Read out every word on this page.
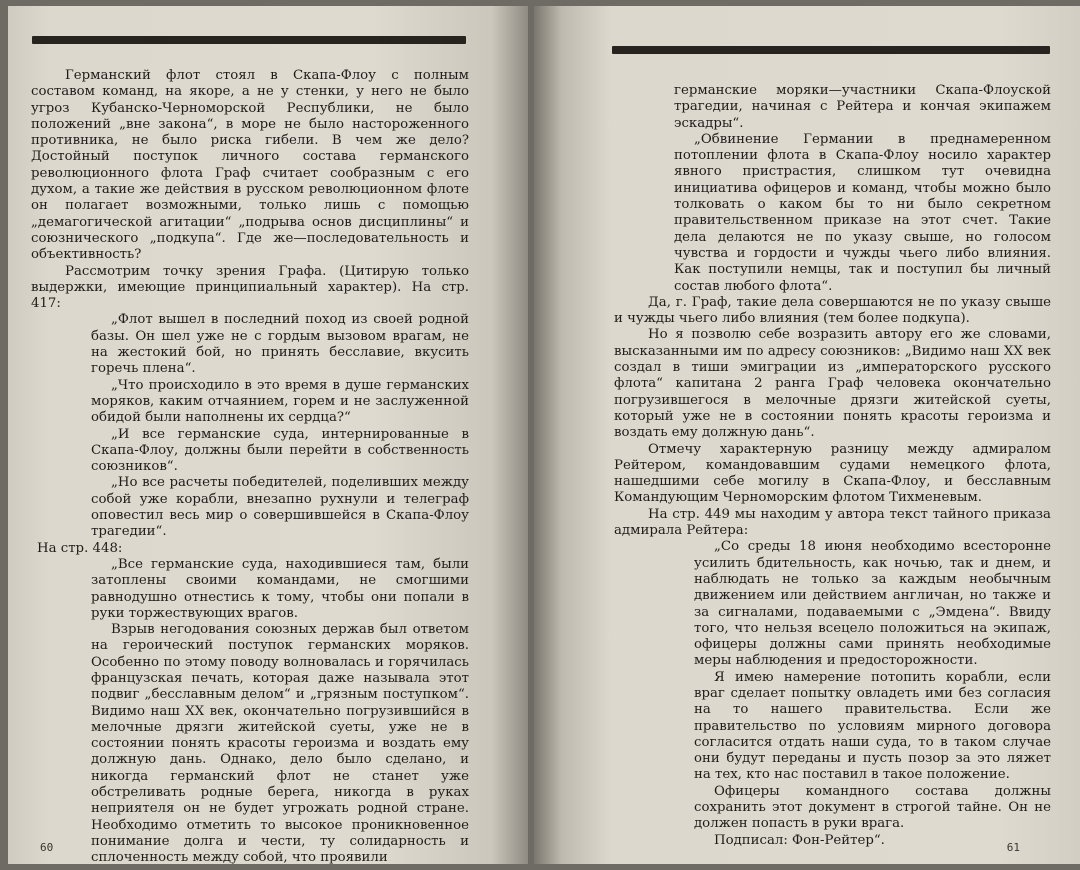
Германский флот стоял в Скапа-Флоу с полным составом команд, на якоре, а не у стенки, у него не было угроз Кубанско-Черноморской Республики, не было положений „вне закона“, в море не было настороженного противника, не было риска гибели. В чем же дело? Достойный поступок личного состава германского революционного флота Граф считает сообразным с его духом, а такие же действия в русском революционном флоте он полагает возможными, только лишь с помощью „демагогической агитации“ „подрыва основ дисциплины“ и союзнического „подкупа“. Где же—последовательность и объективность?

Рассмотрим точку зрения Графа. (Цитирую только выдержки, имеющие принципиальный характер). На стр. 417:

„Флот вышел в последний поход из своей родной базы. Он шел уже не с гордым вызовом врагам, не на жестокий бой, но принять бесславие, вкусить горечь плена“.

„Что происходило в это время в душе германских моряков, каким отчаянием, горем и не заслуженной обидой были наполнены их сердца?“

„И все германские суда, интернированные в Скапа-Флоу, должны были перейти в собственность союзников“.

„Но все расчеты победителей, поделивших между собой уже корабли, внезапно рухнули и телеграф оповестил весь мир о совершившейся в Скапа-Флоу трагедии“.

На стр. 448:

„Все германские суда, находившиеся там, были затоплены своими командами, не смогшими равнодушно отнестись к тому, чтобы они попали в руки торжествующих врагов.

Взрыв негодования союзных держав был ответом на героический поступок германских моряков. Особенно по этому поводу волновалась и горячилась французская печать, которая даже называла этот подвиг „бесславным делом“ и „грязным поступком“. Видимо наш XX век, окончательно погрузившийся в мелочные дрязги житейской суеты, уже не в состоянии понять красоты героизма и воздать ему должную дань. Однако, дело было сделано, и никогда германский флот не станет уже обстреливать родные берега, никогда в руках неприятеля он не будет угрожать родной стране. Необходимо отметить то высокое проникновенное понимание долга и чести, ту солидарность и сплоченность между собой, что проявили

60

германские моряки—участники Скапа-Флоуской трагедии, начиная с Рейтера и кончая экипажем эскадры“.

„Обвинение Германии в преднамеренном потоплении флота в Скапа-Флоу носило характер явного пристрастия, слишком тут очевидна инициатива офицеров и команд, чтобы можно было толковать о каком бы то ни было секретном правительственном приказе на этот счет. Такие дела делаются не по указу свыше, но голосом чувства и гордости и чужды чьего либо влияния. Как поступили немцы, так и поступил бы личный состав любого флота“.

Да, г. Граф, такие дела совершаются не по указу свыше и чужды чьего либо влияния (тем более подкупа).

Но я позволю себе возразить автору его же словами, высказанными им по адресу союзников: „Видимо наш XX век создал в тиши эмиграции из „императорского русского флота“ капитана 2 ранга Граф человека окончательно погрузившегося в мелочные дрязги житейской суеты, который уже не в состоянии понять красоты героизма и воздать ему должную дань“.

Отмечу характерную разницу между адмиралом Рейтером, командовавшим судами немецкого флота, нашедшими себе могилу в Скапа-Флоу, и бесславным Командующим Черноморским флотом Тихменевым.

На стр. 449 мы находим у автора текст тайного приказа адмирала Рейтера:

„Со среды 18 июня необходимо всесторонне усилить бдительность, как ночью, так и днем, и наблюдать не только за каждым необычным движением или действием англичан, но также и за сигналами, подаваемыми с „Эмдена“. Ввиду того, что нельзя всецело положиться на экипаж, офицеры должны сами принять необходимые меры наблюдения и предосторожности.

Я имею намерение потопить корабли, если враг сделает попытку овладеть ими без согласия на то нашего правительства. Если же правительство по условиям мирного договора согласится отдать наши суда, то в таком случае они будут переданы и пусть позор за это ляжет на тех, кто нас поставил в такое положение.

Офицеры командного состава должны сохранить этот документ в строгой тайне. Он не должен попасть в руки врага.

Подписал: Фон-Рейтер“.	61
